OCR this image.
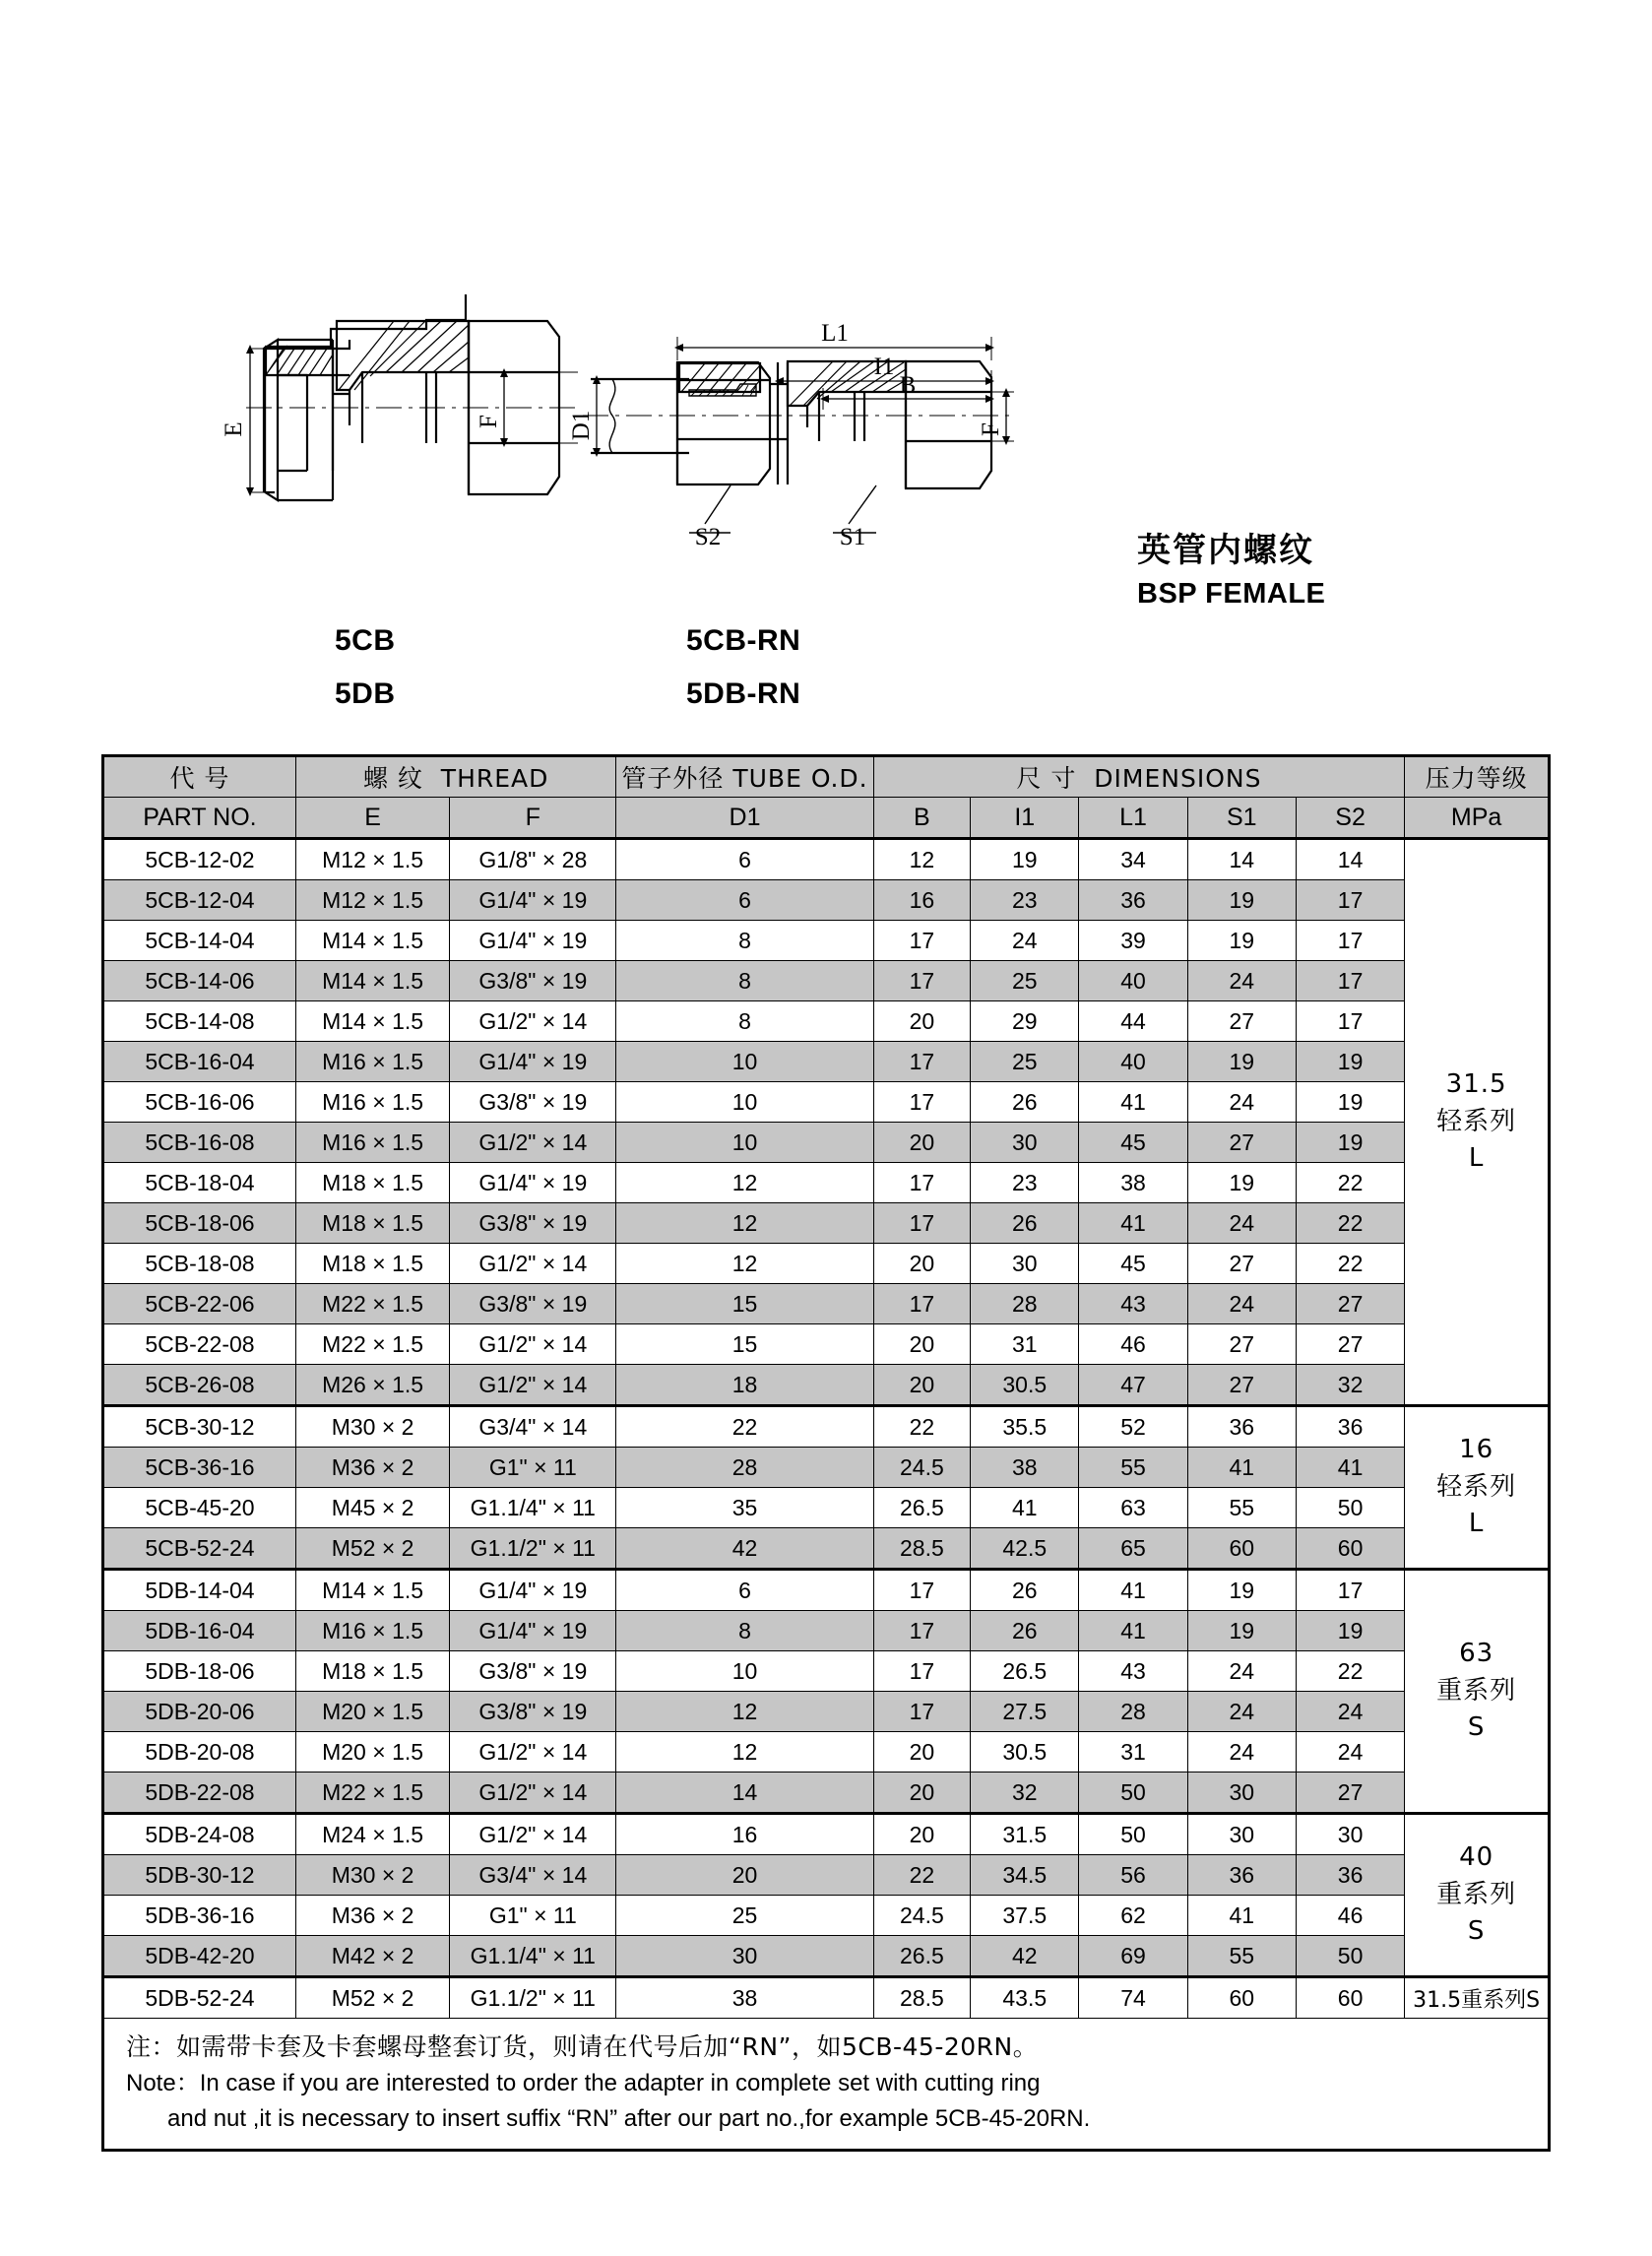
E
F	D1	F
L1
I1
B
S2	S1
5CB
5DB
5CB-RN
5DB-RN
英管内螺纹
BSP FEMALE
代 号	螺 纹 THREAD		管子外径 TUBE O.D.	尺 寸 DIMENSIONS					压力等级
PART NO.	E	F	D1	B	I1	L1	S1	S2	MPa
5CB-12-02	M12 × 1.5	G1/8" × 28	6	12	19	34	14	14	31.5
轻系列
L

5CB-12-04	M12 × 1.5	G1/4" × 19	6	16	23	36	19	17	
5CB-14-04	M14 × 1.5	G1/4" × 19	8	17	24	39	19	17	
5CB-14-06	M14 × 1.5	G3/8" × 19	8	17	25	40	24	17	
5CB-14-08	M14 × 1.5	G1/2" × 14	8	20	29	44	27	17	
5CB-16-04	M16 × 1.5	G1/4" × 19	10	17	25	40	19	19	
5CB-16-06	M16 × 1.5	G3/8" × 19	10	17	26	41	24	19	
5CB-16-08	M16 × 1.5	G1/2" × 14	10	20	30	45	27	19	
5CB-18-04	M18 × 1.5	G1/4" × 19	12	17	23	38	19	22	
5CB-18-06	M18 × 1.5	G3/8" × 19	12	17	26	41	24	22	
5CB-18-08	M18 × 1.5	G1/2" × 14	12	20	30	45	27	22	
5CB-22-06	M22 × 1.5	G3/8" × 19	15	17	28	43	24	27	
5CB-22-08	M22 × 1.5	G1/2" × 14	15	20	31	46	27	27	
5CB-26-08	M26 × 1.5	G1/2" × 14	18	20	30.5	47	27	32	
5CB-30-12	M30 × 2	G3/4" × 14	22	22	35.5	52	36	36	16
轻系列
L

5CB-36-16	M36 × 2	G1" × 11	28	24.5	38	55	41	41	
5CB-45-20	M45 × 2	G1.1/4" × 11	35	26.5	41	63	55	50	
5CB-52-24	M52 × 2	G1.1/2" × 11	42	28.5	42.5	65	60	60	
5DB-14-04	M14 × 1.5	G1/4" × 19	6	17	26	41	19	17	63
重系列
S

5DB-16-04	M16 × 1.5	G1/4" × 19	8	17	26	41	19	19	
5DB-18-06	M18 × 1.5	G3/8" × 19	10	17	26.5	43	24	22	
5DB-20-06	M20 × 1.5	G3/8" × 19	12	17	27.5	28	24	24	
5DB-20-08	M20 × 1.5	G1/2" × 14	12	20	30.5	31	24	24	
5DB-22-08	M22 × 1.5	G1/2" × 14	14	20	32	50	30	27	
5DB-24-08	M24 × 1.5	G1/2" × 14	16	20	31.5	50	30	30	40
重系列
S

5DB-30-12	M30 × 2	G3/4" × 14	20	22	34.5	56	36	36	
5DB-36-16	M36 × 2	G1" × 11	25	24.5	37.5	62	41	46	
5DB-42-20	M42 × 2	G1.1/4" × 11	30	26.5	42	69	55	50	
5DB-52-24	M52 × 2	G1.1/2" × 11	38	28.5	43.5	74	60	60	31.5重系列S

注：如需带卡套及卡套螺母整套订货，则请在代号后加“RN”，如5CB-45-20RN。
Note：In case if you are interested to order the adapter in complete set with cutting ring
and nut ,it is necessary to insert suffix “RN” after our part no.,for example 5CB-45-20RN.									
